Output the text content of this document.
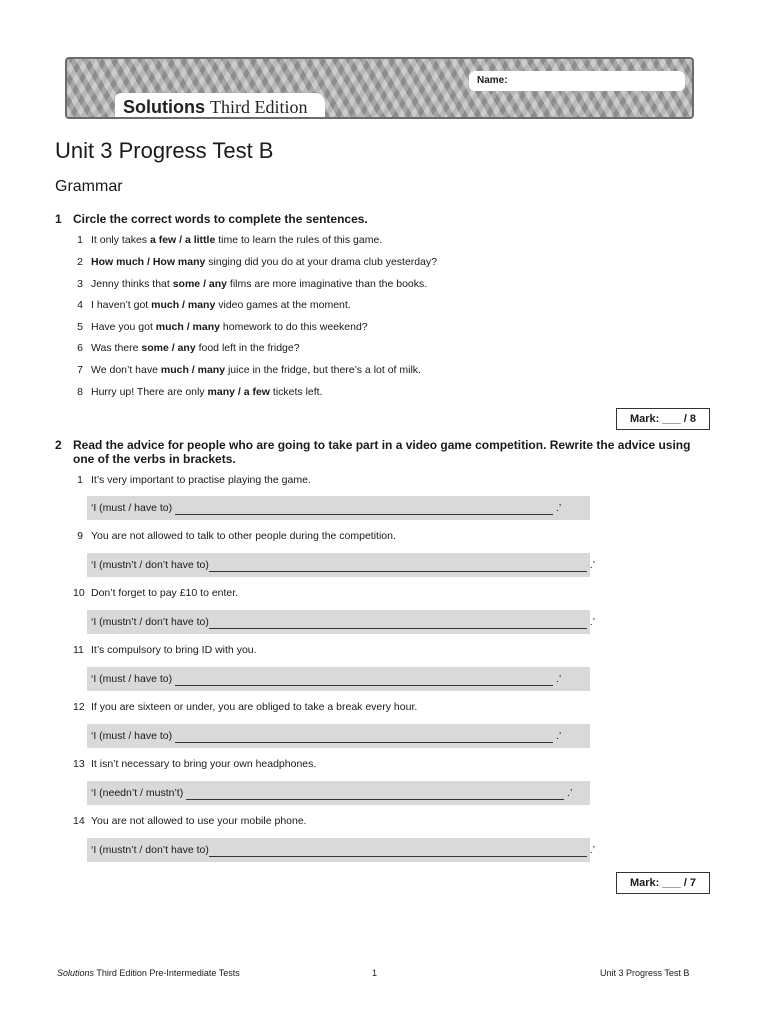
Solutions Third Edition
Name:
Unit 3 Progress Test B
Grammar
1 Circle the correct words to complete the sentences.
1 It only takes a few / a little time to learn the rules of this game.
2 How much / How many singing did you do at your drama club yesterday?
3 Jenny thinks that some / any films are more imaginative than the books.
4 I haven’t got much / many video games at the moment.
5 Have you got much / many homework to do this weekend?
6 Was there some / any food left in the fridge?
7 We don’t have much / many juice in the fridge, but there’s a lot of milk.
8 Hurry up! There are only many / a few tickets left.
Mark: ___ / 8
2 Read the advice for people who are going to take part in a video game competition. Rewrite the advice using one of the verbs in brackets.
1 It’s very important to practise playing the game.
‘I (must / have to)	.’
9 You are not allowed to talk to other people during the competition.
‘I (mustn’t / don’t have to)	.’
10 Don’t forget to pay £10 to enter.
‘I (mustn’t / don’t have to)	.’
11 It’s compulsory to bring ID with you.
‘I (must / have to)	.’
12 If you are sixteen or under, you are obliged to take a break every hour.
‘I (must / have to)	.’
13 It isn’t necessary to bring your own headphones.
‘I (needn’t / mustn’t)	.’
14 You are not allowed to use your mobile phone.
‘I (mustn’t / don’t have to)	.’
Mark: ___ / 7
Solutions Third Edition Pre-Intermediate Tests	1	Unit 3 Progress Test B
